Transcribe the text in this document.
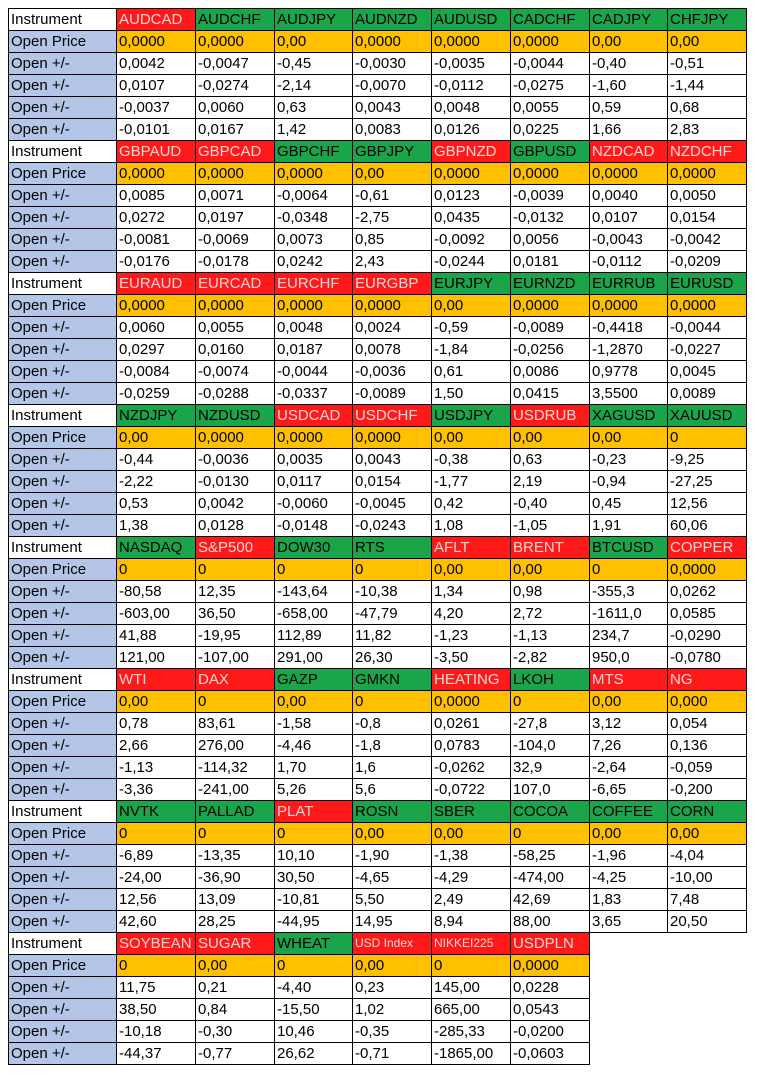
Instrument	AUDCAD	AUDCHF	AUDJPY	AUDNZD	AUDUSD	CADCHF	CADJPY	CHFJPY
Open Price	0,0000	0,0000	0,00	0,0000	0,0000	0,0000	0,00	0,00
Open +/-	0,0042	-0,0047	-0,45	-0,0030	-0,0035	-0,0044	-0,40	-0,51
Open +/-	0,0107	-0,0274	-2,14	-0,0070	-0,0112	-0,0275	-1,60	-1,44
Open +/-	-0,0037	0,0060	0,63	0,0043	0,0048	0,0055	0,59	0,68
Open +/-	-0,0101	0,0167	1,42	0,0083	0,0126	0,0225	1,66	2,83
Instrument	GBPAUD	GBPCAD	GBPCHF	GBPJPY	GBPNZD	GBPUSD	NZDCAD	NZDCHF
Open Price	0,0000	0,0000	0,0000	0,00	0,0000	0,0000	0,0000	0,0000
Open +/-	0,0085	0,0071	-0,0064	-0,61	0,0123	-0,0039	0,0040	0,0050
Open +/-	0,0272	0,0197	-0,0348	-2,75	0,0435	-0,0132	0,0107	0,0154
Open +/-	-0,0081	-0,0069	0,0073	0,85	-0,0092	0,0056	-0,0043	-0,0042
Open +/-	-0,0176	-0,0178	0,0242	2,43	-0,0244	0,0181	-0,0112	-0,0209
Instrument	EURAUD	EURCAD	EURCHF	EURGBP	EURJPY	EURNZD	EURRUB	EURUSD
Open Price	0,0000	0,0000	0,0000	0,0000	0,00	0,0000	0,0000	0,0000
Open +/-	0,0060	0,0055	0,0048	0,0024	-0,59	-0,0089	-0,4418	-0,0044
Open +/-	0,0297	0,0160	0,0187	0,0078	-1,84	-0,0256	-1,2870	-0,0227
Open +/-	-0,0084	-0,0074	-0,0044	-0,0036	0,61	0,0086	0,9778	0,0045
Open +/-	-0,0259	-0,0288	-0,0337	-0,0089	1,50	0,0415	3,5500	0,0089
Instrument	NZDJPY	NZDUSD	USDCAD	USDCHF	USDJPY	USDRUB	XAGUSD	XAUUSD
Open Price	0,00	0,0000	0,0000	0,0000	0,00	0,00	0,00	0
Open +/-	-0,44	-0,0036	0,0035	0,0043	-0,38	0,63	-0,23	-9,25
Open +/-	-2,22	-0,0130	0,0117	0,0154	-1,77	2,19	-0,94	-27,25
Open +/-	0,53	0,0042	-0,0060	-0,0045	0,42	-0,40	0,45	12,56
Open +/-	1,38	0,0128	-0,0148	-0,0243	1,08	-1,05	1,91	60,06
Instrument	NASDAQ	S&P500	DOW30	RTS	AFLT	BRENT	BTCUSD	COPPER
Open Price	0	0	0	0	0,00	0,00	0	0,0000
Open +/-	-80,58	12,35	-143,64	-10,38	1,34	0,98	-355,3	0,0262
Open +/-	-603,00	36,50	-658,00	-47,79	4,20	2,72	-1611,0	0,0585
Open +/-	41,88	-19,95	112,89	11,82	-1,23	-1,13	234,7	-0,0290
Open +/-	121,00	-107,00	291,00	26,30	-3,50	-2,82	950,0	-0,0780
Instrument	WTI	DAX	GAZP	GMKN	HEATING	LKOH	MTS	NG
Open Price	0,00	0	0,00	0	0,0000	0	0,00	0,000
Open +/-	0,78	83,61	-1,58	-0,8	0,0261	-27,8	3,12	0,054
Open +/-	2,66	276,00	-4,46	-1,8	0,0783	-104,0	7,26	0,136
Open +/-	-1,13	-114,32	1,70	1,6	-0,0262	32,9	-2,64	-0,059
Open +/-	-3,36	-241,00	5,26	5,6	-0,0722	107,0	-6,65	-0,200
Instrument	NVTK	PALLAD	PLAT	ROSN	SBER	COCOA	COFFEE	CORN
Open Price	0	0	0	0,00	0,00	0	0,00	0,00
Open +/-	-6,89	-13,35	10,10	-1,90	-1,38	-58,25	-1,96	-4,04
Open +/-	-24,00	-36,90	30,50	-4,65	-4,29	-474,00	-4,25	-10,00
Open +/-	12,56	13,09	-10,81	5,50	2,49	42,69	1,83	7,48
Open +/-	42,60	28,25	-44,95	14,95	8,94	88,00	3,65	20,50
Instrument	SOYBEAN	SUGAR	WHEAT	USD Index	NIKKEI225	USDPLN		
Open Price	0	0,00	0	0,00	0	0,0000		
Open +/-	11,75	0,21	-4,40	0,23	145,00	0,0228		
Open +/-	38,50	0,84	-15,50	1,02	665,00	0,0543		
Open +/-	-10,18	-0,30	10,46	-0,35	-285,33	-0,0200		
Open +/-	-44,37	-0,77	26,62	-0,71	-1865,00	-0,0603		
